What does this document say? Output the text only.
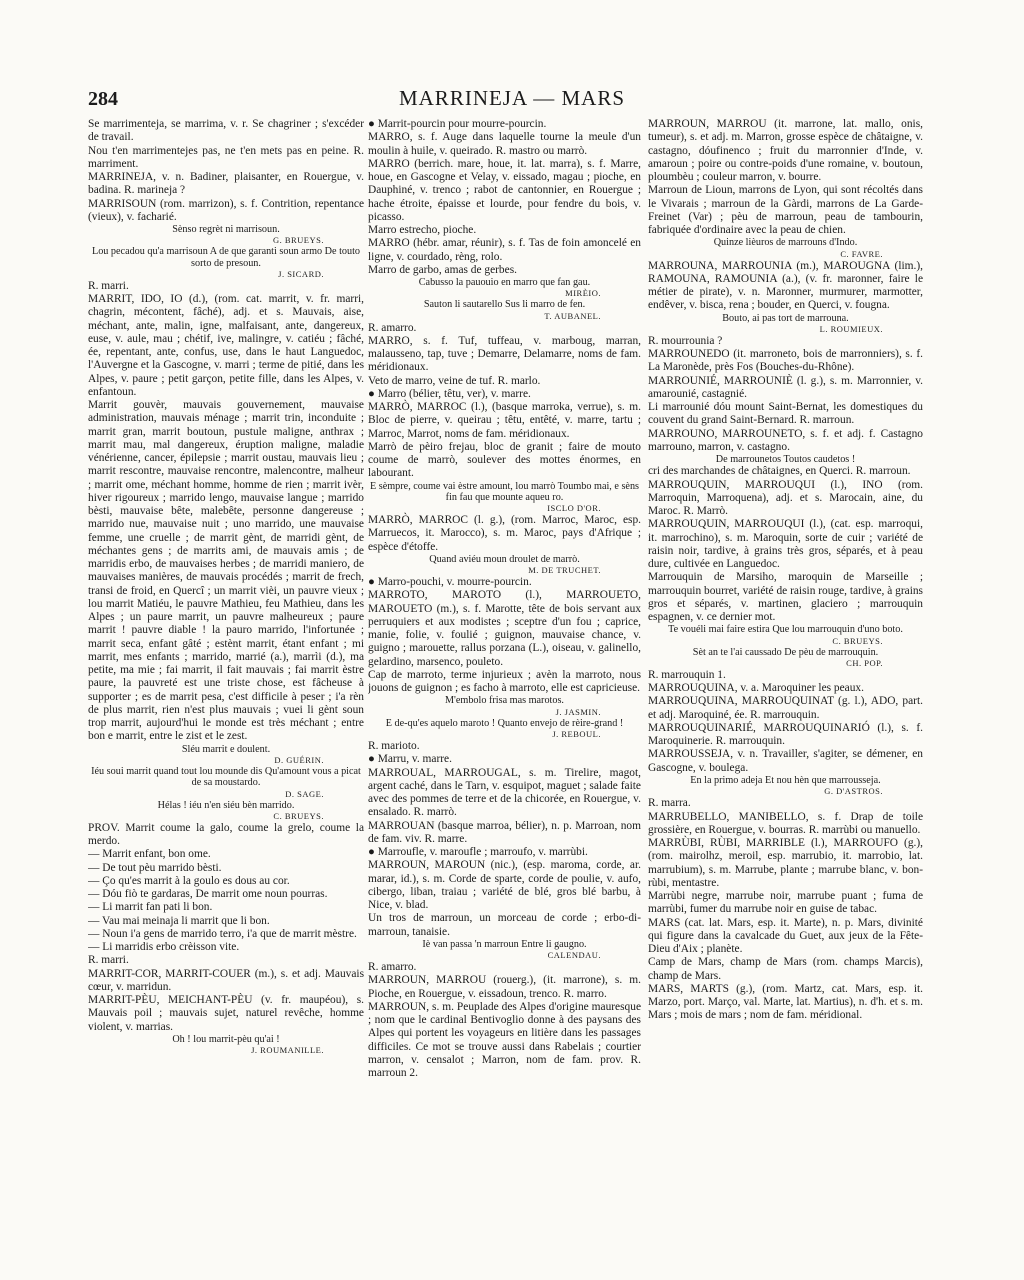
284	MARRINEJA — MARS

Se marrimenteja, se marrima, v. r. Se chagriner ; s'excéder de travail.

Nou t'en marrimentejes pas, ne t'en mets pas en peine. R. marriment.

MARRINEJA, v. n. Badiner, plaisanter, en Rouergue, v. badina. R. marineja ?

MARRISOUN (rom. marrizon), s. f. Contrition, repentance (vieux), v. facharié.

Sènso regrèt ni marrisoun.

G. BRUEYS.

Lou pecadou qu'a marrisoun A de que garanti soun armo De touto sorto de presoun.

J. SICARD.

R. marri.

MARRIT, IDO, IO (d.), (rom. cat. marrit, v. fr. marri, chagrin, mécontent, fâché), adj. et s. Mauvais, aise, méchant, ante, malin, igne, malfaisant, ante, dangereux, euse, v. aule, mau ; chétif, ive, malingre, v. catiéu ; fâché, ée, repentant, ante, confus, use, dans le haut Languedoc, l'Auvergne et la Gascogne, v. marri ; terme de pitié, dans les Alpes, v. paure ; petit garçon, petite fille, dans les Alpes, v. enfantoun.

Marrit gouvèr, mauvais gouvernement, mauvaise administration, mauvais ménage ; marrit trin, inconduite ; marrit gran, marrit boutoun, pustule maligne, anthrax ; marrit mau, mal dangereux, éruption maligne, maladie vénérienne, cancer, épilepsie ; marrit oustau, mauvais lieu ; marrit rescontre, mauvaise rencontre, malencontre, malheur ; marrit ome, méchant homme, homme de rien ; marrit ivèr, hiver rigoureux ; marrido lengo, mauvaise langue ; marrido bèsti, mauvaise bête, malebête, personne dangereuse ; marrido nue, mauvaise nuit ; uno marrido, une mauvaise femme, une cruelle ; de marrit gènt, de marridi gènt, de méchantes gens ; de marrits ami, de mauvais amis ; de marridis erbo, de mauvaises herbes ; de marridi maniero, de mauvaises manières, de mauvais procédés ; marrit de frech, transi de froid, en Quercî ; un marrit vièi, un pauvre vieux ; lou marrit Matiéu, le pauvre Mathieu, feu Mathieu, dans les Alpes ; un paure marrit, un pauvre malheureux ; paure marrit ! pauvre diable ! la pauro marrido, l'infortunée ; marrit seca, enfant gâté ; estènt marrit, étant enfant ; mi marrit, mes enfants ; marrido, marrié (a.), marrìi (d.), ma petite, ma mie ; fai marrit, il fait mauvais ; fai marrit èstre paure, la pauvreté est une triste chose, est fâcheuse à supporter ; es de marrit pesa, c'est difficile à peser ; i'a rèn de plus marrit, rien n'est plus mauvais ; vuei li gènt soun trop marrit, aujourd'hui le monde est très méchant ; entre bon e marrit, entre le zist et le zest.

Sléu marrit e doulent.

D. GUÉRIN.

Iéu soui marrit quand tout lou mounde dis Qu'amount vous a picat de sa moustardo.

D. SAGE.

Hélas ! iéu n'en siéu bèn marrido.

C. BRUEYS.

PROV. Marrit coume la galo, coume la grelo, coume la merdo.

— Marrit enfant, bon ome.

— De tout pèu marrido bèsti.

— Ço qu'es marrit à la goulo es dous au cor.

— Dóu fiò te gardaras, De marrit ome noun pourras.

— Li marrit fan pati li bon.

— Vau mai meinaja li marrit que li bon.

— Noun i'a gens de marrido terro, i'a que de marrit mèstre.

— Li marridis erbo crèisson vite.

R. marri.

MARRIT-COR, MARRIT-COUER (m.), s. et adj. Mauvais cœur, v. marridun.

MARRIT-PÈU, MEICHANT-PÈU (v. fr. maupéou), s. Mauvais poil ; mauvais sujet, naturel revêche, homme violent, v. marrias.

Oh ! lou marrit-pèu qu'ai !

J. ROUMANILLE.

● Marrit-pourcin pour mourre-pourcin.

MARRO, s. f. Auge dans laquelle tourne la meule d'un moulin à huile, v. queirado. R. mastro ou marrò.

MARRO (berrich. mare, houe, it. lat. marra), s. f. Marre, houe, en Gascogne et Velay, v. eissado, magau ; pioche, en Dauphiné, v. trenco ; rabot de cantonnier, en Rouergue ; hache étroite, épaisse et lourde, pour fendre du bois, v. picasso.

Marro estrecho, pioche.

MARRO (hébr. amar, réunir), s. f. Tas de foin amoncelé en ligne, v. courdado, rèng, rolo.

Marro de garbo, amas de gerbes.

Cabusso la pauouio en marro que fan gau.

MIRÈIO.

Sauton li sautarello Sus li marro de fen.

T. AUBANEL.

R. amarro.

MARRO, s. f. Tuf, tuffeau, v. marboug, marran, malausseno, tap, tuve ; Demarre, Delamarre, noms de fam. méridionaux.

Veto de marro, veine de tuf. R. marlo.

● Marro (bélier, têtu, ver), v. marre.

MARRÒ, MARROC (l.), (basque marroka, verrue), s. m. Bloc de pierre, v. queirau ; têtu, entêté, v. marre, tartu ; Marroc, Marrot, noms de fam. méridionaux.

Marrò de pèiro frejau, bloc de granit ; faire de mouto coume de marrò, soulever des mottes énormes, en labourant.

E sèmpre, coume vai èstre amount, lou marrò Toumbo mai, e sèns fin fau que mounte aqueu ro.

ISCLO D'OR.

MARRÒ, MARROC (l. g.), (rom. Marroc, Maroc, esp. Marruecos, it. Marocco), s. m. Maroc, pays d'Afrique ; espèce d'étoffe.

Quand aviéu moun droulet de marrò.

M. DE TRUCHET.

● Marro-pouchi, v. mourre-pourcin.

MARROTO, MAROTO (l.), MARROUETO, MAROUETO (m.), s. f. Marotte, tête de bois servant aux perruquiers et aux modistes ; sceptre d'un fou ; caprice, manie, folie, v. foulié ; guignon, mauvaise chance, v. guigno ; marouette, rallus porzana (L.), oiseau, v. galinello, gelardino, marsenco, pouleto.

Cap de marroto, terme injurieux ; avèn la marroto, nous jouons de guignon ; es facho à marroto, elle est capricieuse.

M'embolo frisa mas marotos.

J. JASMIN.

E de-qu'es aquelo maroto ! Quanto envejo de rèire-grand !

J. REBOUL.

R. marioto.

● Marru, v. marre.

MARROUAL, MARROUGAL, s. m. Tirelire, magot, argent caché, dans le Tarn, v. esquipot, maguet ; salade faite avec des pommes de terre et de la chicorée, en Rouergue, v. ensalado. R. marrò.

MARROUAN (basque marroa, bélier), n. p. Marroan, nom de fam. viv. R. marre.

● Marroufle, v. maroufle ; marroufo, v. marrùbi.

MARROUN, MAROUN (nic.), (esp. maroma, corde, ar. marar, id.), s. m. Corde de sparte, corde de poulie, v. aufo, cibergo, liban, traiau ; variété de blé, gros blé barbu, à Nice, v. blad.

Un tros de marroun, un morceau de corde ; erbo-di-marroun, tanaisie.

Iè van passa 'n marroun Entre li gaugno.

CALENDAU.

R. amarro.

MARROUN, MARROU (rouerg.), (it. marrone), s. m. Pioche, en Rouergue, v. eissadoun, trenco. R. marro.

MARROUN, s. m. Peuplade des Alpes d'origine mauresque ; nom que le cardinal Bentivoglio donne à des paysans des Alpes qui portent les voyageurs en litière dans les passages difficiles. Ce mot se trouve aussi dans Rabelais ; courtier marron, v. censalot ; Marron, nom de fam. prov. R. marroun 2.

MARROUN, MARROU (it. marrone, lat. mallo, onis, tumeur), s. et adj. m. Marron, grosse espèce de châtaigne, v. castagno, dóufinenco ; fruit du marronnier d'Inde, v. amaroun ; poire ou contre-poids d'une romaine, v. boutoun, ploumbèu ; couleur marron, v. bourre.

Marroun de Lioun, marrons de Lyon, qui sont récoltés dans le Vivarais ; marroun de la Gàrdi, marrons de La Garde-Freinet (Var) ; pèu de marroun, peau de tambourin, fabriquée d'ordinaire avec la peau de chien.

Quinze lièuros de marrouns d'Indo.

C. FAVRE.

MARROUNA, MARROUNIA (m.), MAROUGNA (lim.), RAMOUNA, RAMOUNIA (a.), (v. fr. maronner, faire le métier de pirate), v. n. Maronner, murmurer, marmotter, endêver, v. bisca, rena ; bouder, en Querci, v. fougna.

Bouto, ai pas tort de marrouna.

L. ROUMIEUX.

R. mourrounia ?

MARROUNEDO (it. marroneto, bois de marronniers), s. f. La Maronède, près Fos (Bouches-du-Rhône).

MARROUNIÉ, MARROUNIÈ (l. g.), s. m. Marronnier, v. amarounié, castagnié.

Li marrounié dóu mount Saint-Bernat, les domestiques du couvent du grand Saint-Bernard. R. marroun.

MARROUNO, MARROUNETO, s. f. et adj. f. Castagno marrouno, marron, v. castagno.

De marrounetos Toutos caudetos !

cri des marchandes de châtaignes, en Querci. R. marroun.

MARROUQUIN, MARROUQUI (l.), INO (rom. Marroquin, Marroquena), adj. et s. Marocain, aine, du Maroc. R. Marrò.

MARROUQUIN, MARROUQUI (l.), (cat. esp. marroqui, it. marrochino), s. m. Maroquin, sorte de cuir ; variété de raisin noir, tardive, à grains très gros, séparés, et à peau dure, cultivée en Languedoc.

Marrouquin de Marsiho, maroquin de Marseille ; marrouquin bourret, variété de raisin rouge, tardive, à grains gros et séparés, v. martinen, glaciero ; marrouquin espagnen, v. ce dernier mot.

Te vouéli mai faire estira Que lou marrouquin d'uno boto.

C. BRUEYS.

Sèt an te l'ai caussado De pèu de marrouquin.

CH. POP.

R. marrouquin 1.

MARROUQUINA, v. a. Maroquiner les peaux.

MARROUQUINA, MARROUQUINAT (g. l.), ADO, part. et adj. Maroquiné, ée. R. marrouquin.

MARROUQUINARIÉ, MARROUQUINARIÓ (l.), s. f. Maroquinerie. R. marrouquin.

MARROUSSEJA, v. n. Travailler, s'agiter, se démener, en Gascogne, v. boulega.

En la primo adeja Et nou hèn que marrousseja.

G. D'ASTROS.

R. marra.

MARRUBELLO, MANIBELLO, s. f. Drap de toile grossière, en Rouergue, v. bourras. R. marrùbi ou manuello.

MARRÙBI, RÙBI, MARRIBLE (l.), MARROUFO (g.), (rom. mairolhz, meroil, esp. marrubio, it. marrobio, lat. marrubium), s. m. Marrube, plante ; marrube blanc, v. bon-rùbi, mentastre.

Marrùbi negre, marrube noir, marrube puant ; fuma de marrùbi, fumer du marrube noir en guise de tabac.

MARS (cat. lat. Mars, esp. it. Marte), n. p. Mars, divinité qui figure dans la cavalcade du Guet, aux jeux de la Fête-Dieu d'Aix ; planète.

Camp de Mars, champ de Mars (rom. champs Marcis), champ de Mars.

MARS, MARTS (g.), (rom. Martz, cat. Mars, esp. it. Marzo, port. Março, val. Marte, lat. Martius), n. d'h. et s. m. Mars ; mois de mars ; nom de fam. méridional.
